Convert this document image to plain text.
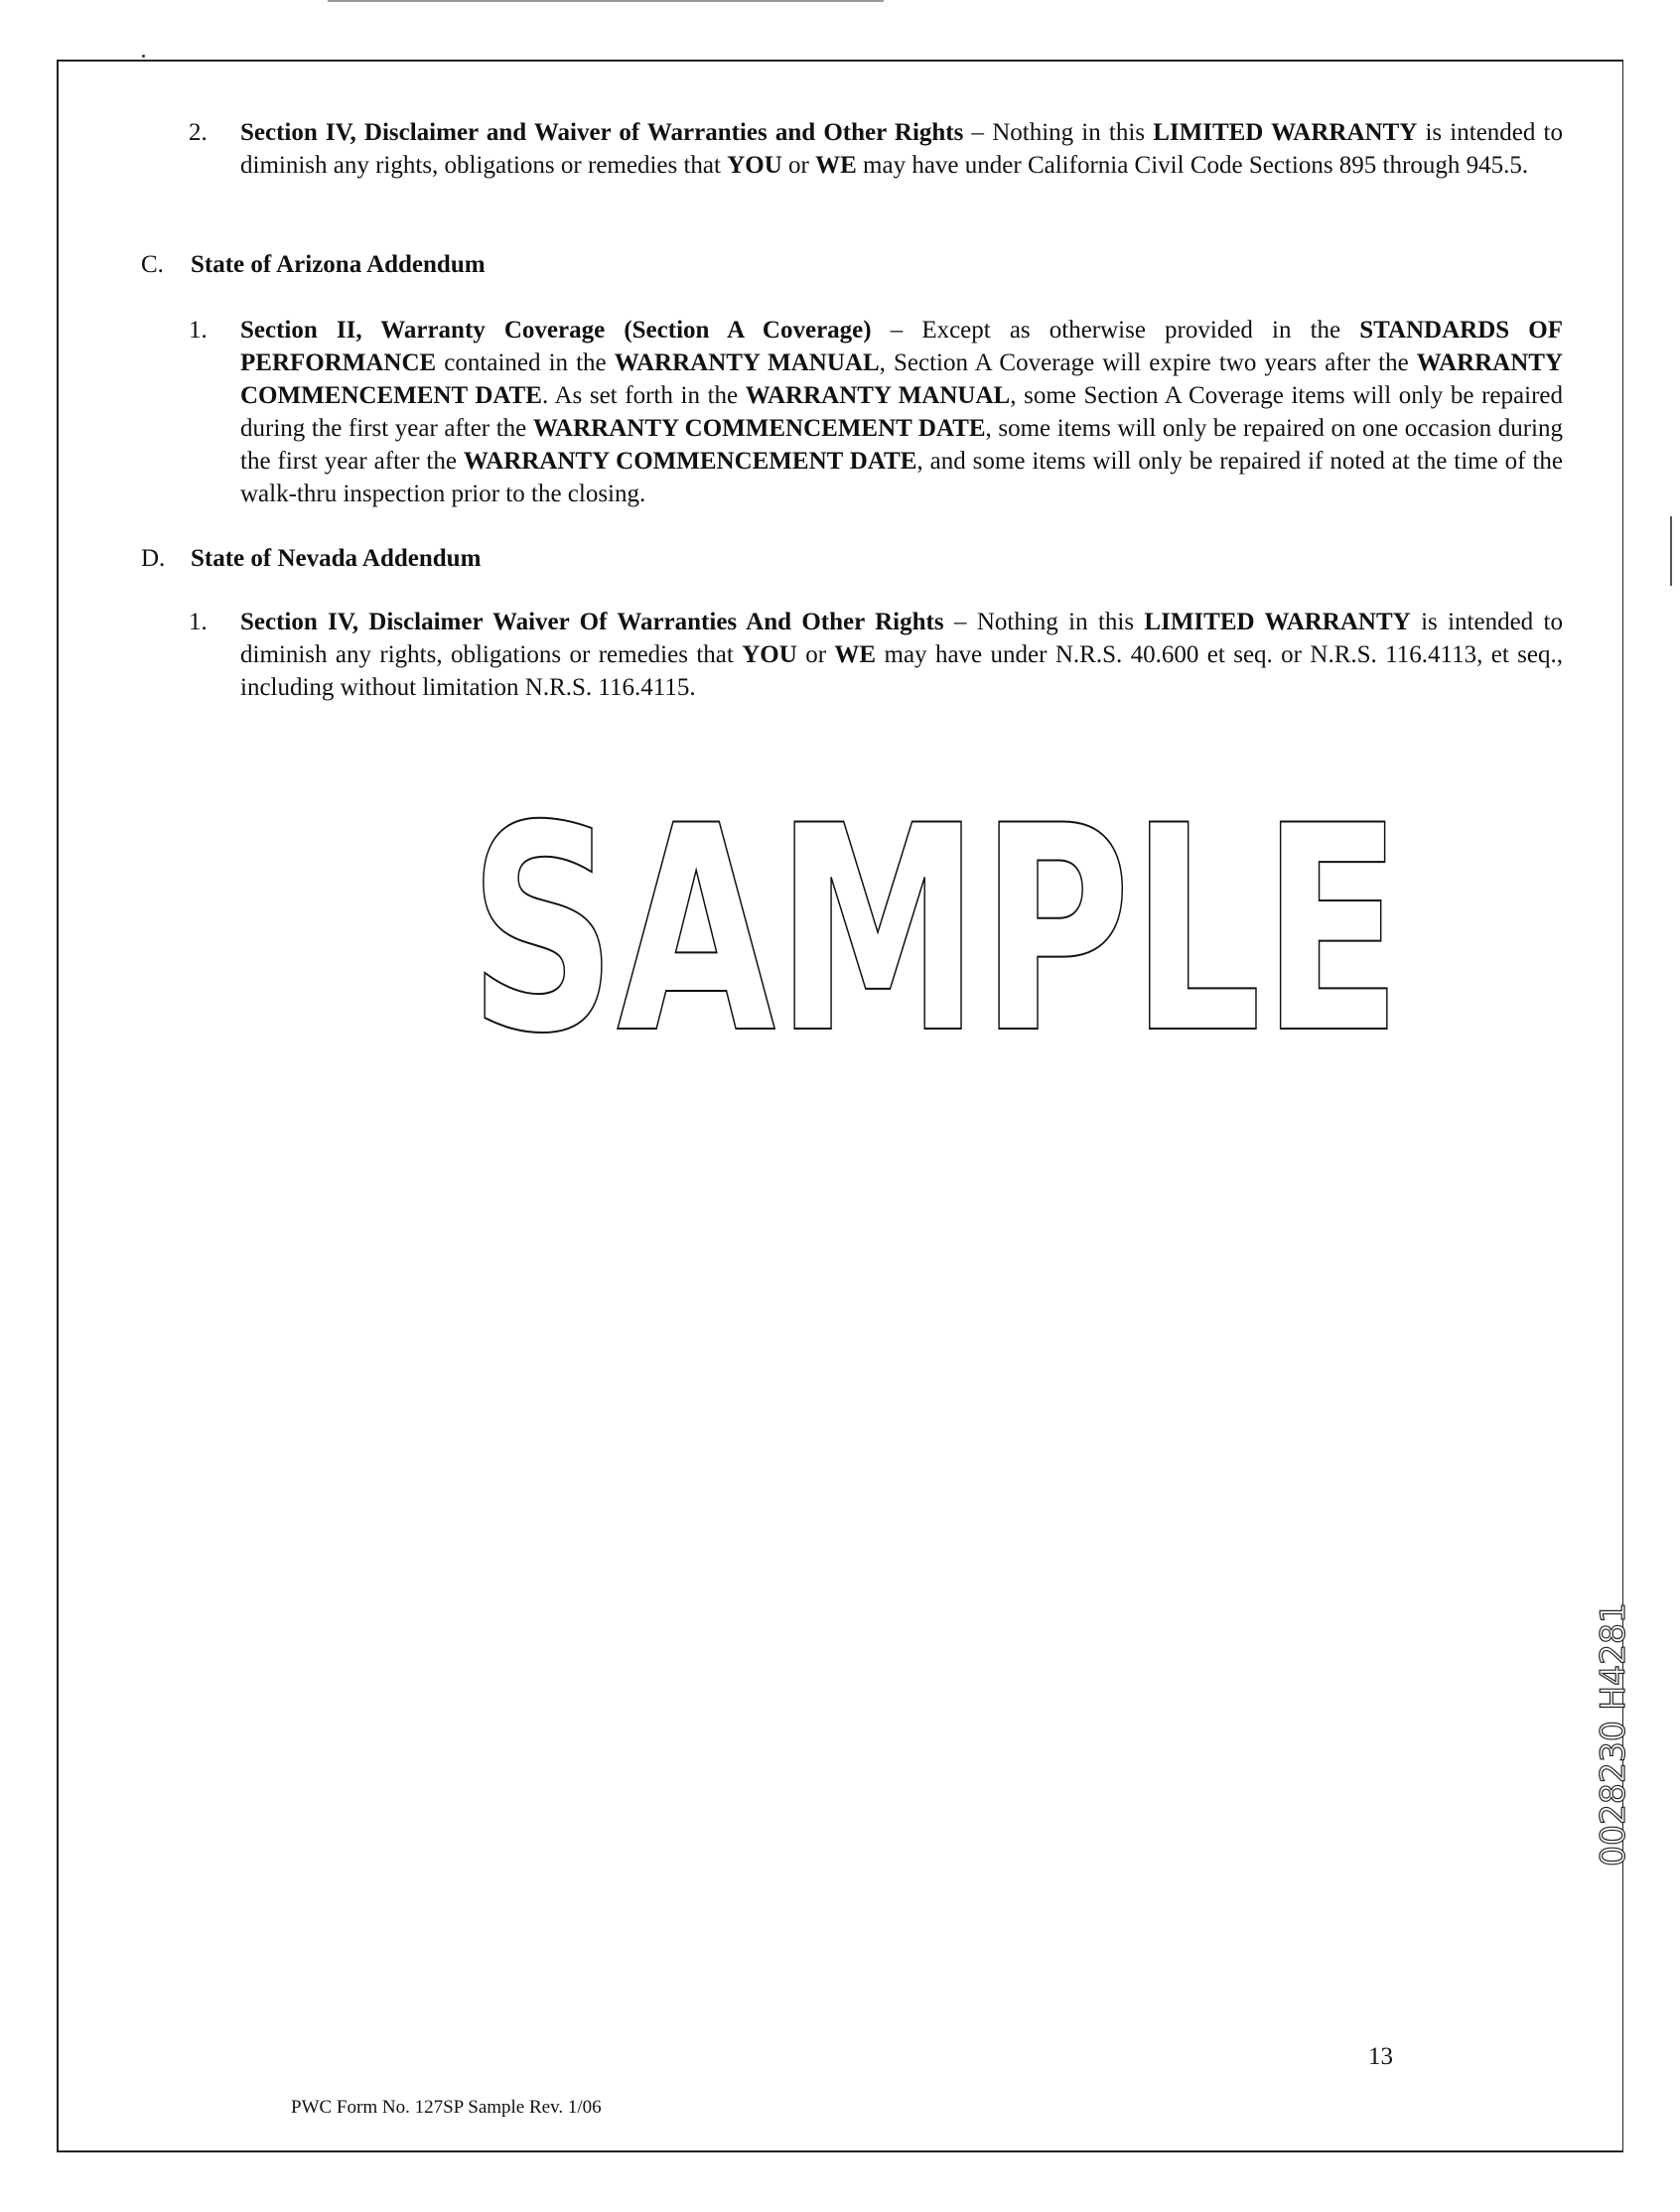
2. Section IV, Disclaimer and Waiver of Warranties and Other Rights – Nothing in this LIMITED WARRANTY is intended to diminish any rights, obligations or remedies that YOU or WE may have under California Civil Code Sections 895 through 945.5.
C. State of Arizona Addendum
1. Section II, Warranty Coverage (Section A Coverage) – Except as otherwise provided in the STANDARDS OF PERFORMANCE contained in the WARRANTY MANUAL, Section A Coverage will expire two years after the WARRANTY COMMENCEMENT DATE. As set forth in the WARRANTY MANUAL, some Section A Coverage items will only be repaired during the first year after the WARRANTY COMMENCEMENT DATE, some items will only be repaired on one occasion during the first year after the WARRANTY COMMENCEMENT DATE, and some items will only be repaired if noted at the time of the walk-thru inspection prior to the closing.
D. State of Nevada Addendum
1. Section IV, Disclaimer Waiver Of Warranties And Other Rights – Nothing in this LIMITED WARRANTY is intended to diminish any rights, obligations or remedies that YOU or WE may have under N.R.S. 40.600 et seq. or N.R.S. 116.4113, et seq., including without limitation N.R.S. 116.4115.
SAMPLE
0028230 H4281
13
PWC Form No. 127SP Sample Rev. 1/06
